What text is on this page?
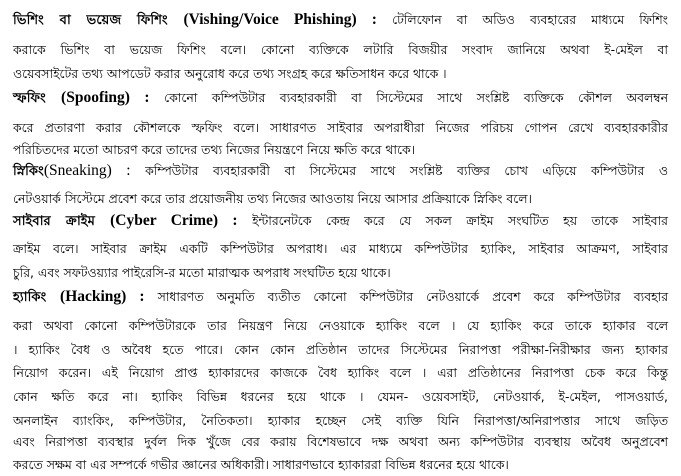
ভিশিং বা ভয়েজ ফিশিং (Vishing/Voice Phishing) : টেলিফোন বা অডিও ব্যবহারের মাধ্যমে ফিশিং
করাকে ভিশিং বা ভয়েজ ফিশিং বলে। কোনো ব্যক্তিকে লটারি বিজয়ীর সংবাদ জানিয়ে অথবা ই-মেইল বা
ওয়েবসাইটের তথ্য আপডেট করার অনুরোধ করে তথ্য সংগ্রহ করে ক্ষতিসাধন করে থাকে ।
স্ফফিং (Spoofing) : কোনো কম্পিউটার ব্যবহারকারী বা সিস্টেমের সাথে সংশ্লিষ্ট ব্যক্তিকে কৌশল অবলম্বন
করে প্রতারণা করার কৌশলকে স্ফফিং বলে। সাধারণত সাইবার অপরাধীরা নিজের পরিচয় গোপন রেখে ব্যবহারকারীর
পরিচিতদের মতো আচরণ করে তাদের তথ্য নিজের নিয়ন্ত্রণে নিয়ে ক্ষতি করে থাকে।
স্নিকিং(Sneaking) : কম্পিউটার ব্যবহারকারী বা সিস্টেমের সাথে সংশ্লিষ্ট ব্যক্তির চোখ এড়িয়ে কম্পিউটার ও
নেটওয়ার্ক সিস্টেমে প্রবেশ করে তার প্রয়োজনীয় তথ্য নিজের আওতায় নিয়ে আসার প্রক্রিয়াকে স্নিকিং বলে।
সাইবার ক্রাইম (Cyber Crime) : ইন্টারনেটকে কেন্দ্র করে যে সকল ক্রাইম সংঘটিত হয় তাকে সাইবার
ক্রাইম বলে। সাইবার ক্রাইম একটি কম্পিউটার অপরাধ। এর মাধ্যমে কম্পিউটার হ্যাকিং, সাইবার আক্রমণ, সাইবার
চুরি, এবং সফটওয়্যার পাইরেসি-র মতো মারাত্মক অপরাধ সংঘটিত হয়ে থাকে।
হ্যাকিং (Hacking) : সাধারণত অনুমতি ব্যতীত কোনো কম্পিউটার নেটওয়ার্কে প্রবেশ করে কম্পিউটার ব্যবহার
করা অথবা কোনো কম্পিউটারকে তার নিয়ন্ত্রণ নিয়ে নেওয়াকে হ্যাকিং বলে । যে হ্যাকিং করে তাকে হ্যাকার বলে
। হ্যাকিং বৈধ ও অবৈধ হতে পারে। কোন কোন প্রতিষ্ঠান তাদের সিস্টেমের নিরাপত্তা পরীক্ষা-নিরীক্ষার জন্য হ্যাকার
নিয়োগ করেন। এই নিয়োগ প্রাপ্ত হ্যাকারদের কাজকে বৈধ হ্যাকিং বলে । এরা প্রতিষ্ঠানের নিরাপত্তা চেক করে কিন্তু
কোন ক্ষতি করে না। হ্যাকিং বিভিন্ন ধরনের হয়ে থাকে । যেমন- ওয়েবসাইট, নেটওয়ার্ক, ই-মেইল, পাসওয়ার্ড,
অনলাইন ব্যাংকিং, কম্পিউটার, নৈতিকতা। হ্যাকার হচ্ছেন সেই ব্যক্তি যিনি নিরাপত্তা/অনিরাপত্তার সাথে জড়িত
এবং নিরাপত্তা ব্যবস্থার দুর্বল দিক খুঁজে বের করায় বিশেষভাবে দক্ষ অথবা অন্য কম্পিউটার ব্যবস্থায় অবৈধ অনুপ্রবেশ
করতে সক্ষম বা এর সম্পর্কে গভীর জ্ঞানের অধিকারী। সাধারণভাবে হ্যাকাররা বিভিন্ন ধরনের হয়ে থাকে।
